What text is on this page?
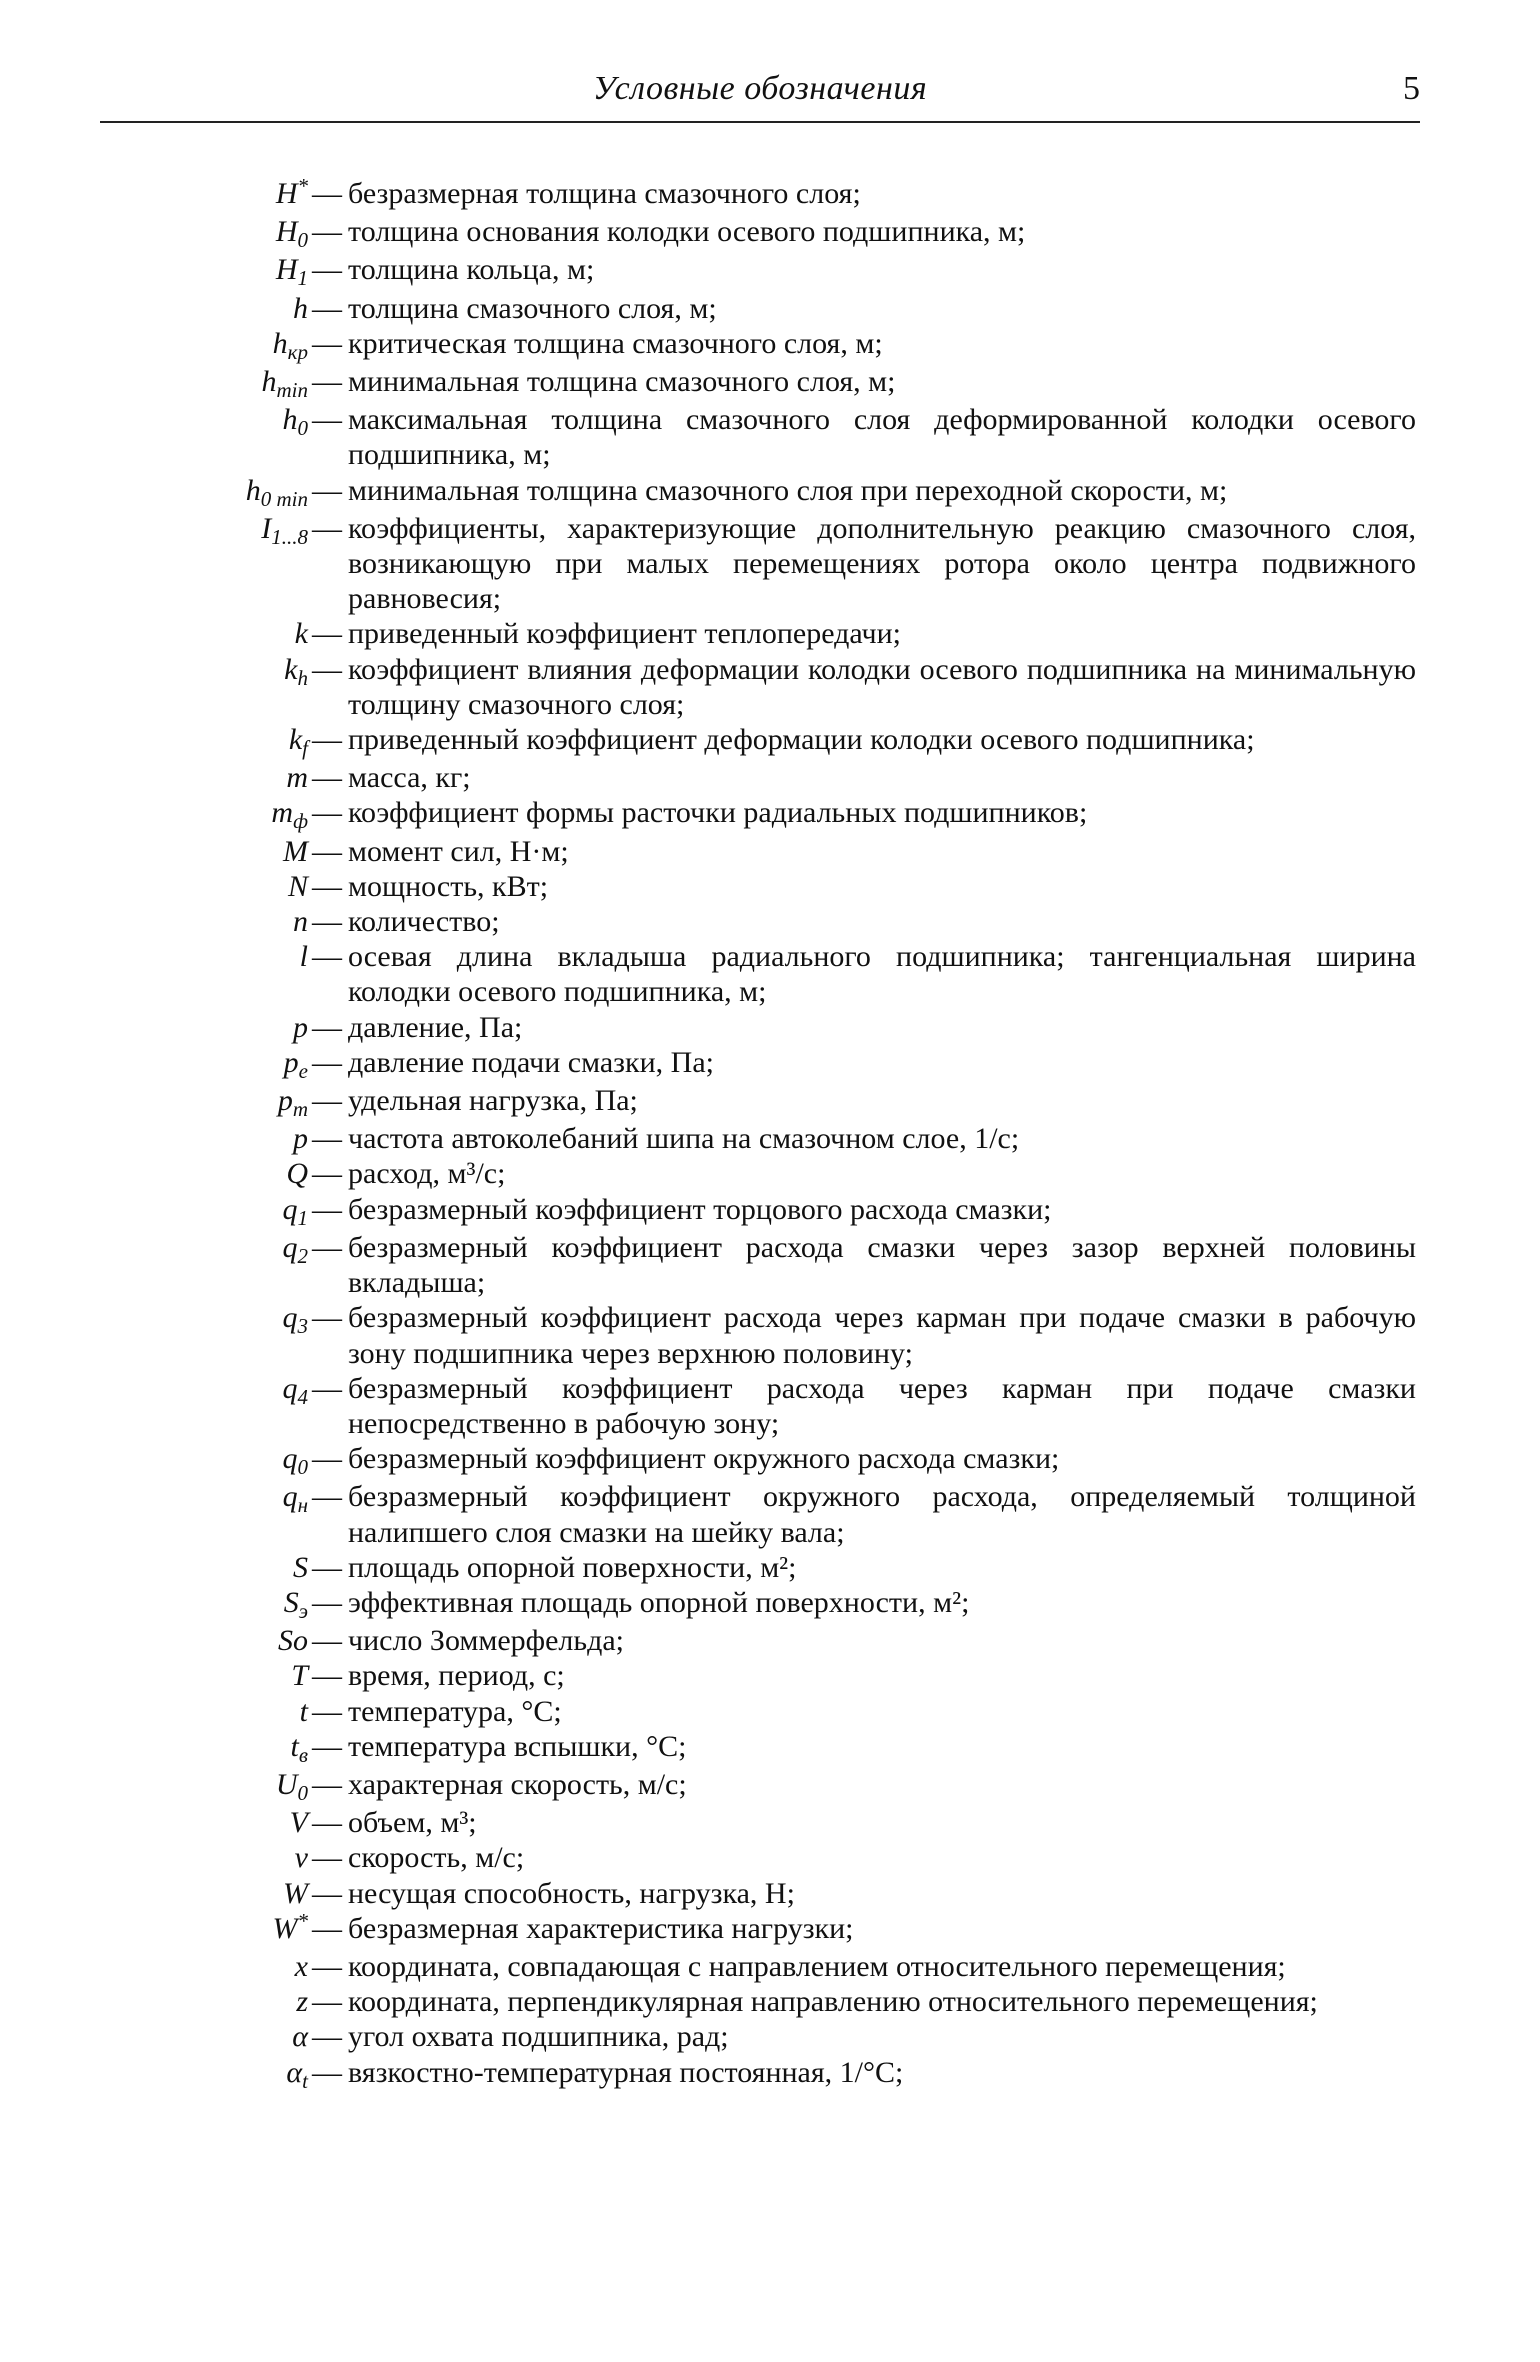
Условные обозначения	5
H* — безразмерная толщина смазочного слоя;
$H_0$ — толщина основания колодки осевого подшипника, м;
$H_1$ — толщина кольца, м;
h — толщина смазочного слоя, м;
$h_{кр}$ — критическая толщина смазочного слоя, м;
$h_{min}$ — минимальная толщина смазочного слоя, м;
$h_0$ — максимальная толщина смазочного слоя деформированной колодки осевого подшипника, м;
$h_{0 min}$ — минимальная толщина смазочного слоя при переходной скорости, м;
$I_{1...8}$ — коэффициенты, характеризующие дополнительную реакцию смазочного слоя, возникающую при малых перемещениях ротора около центра подвижного равновесия;
k — приведенный коэффициент теплопередачи;
$k_h$ — коэффициент влияния деформации колодки осевого подшипника на минимальную толщину смазочного слоя;
$k_f$ — приведенный коэффициент деформации колодки осевого подшипника;
m — масса, кг;
$m_ф$ — коэффициент формы расточки радиальных подшипников;
M — момент сил, Н·м;
N — мощность, кВт;
n — количество;
l — осевая длина вкладыша радиального подшипника; тангенциальная ширина колодки осевого подшипника, м;
p — давление, Па;
$p_e$ — давление подачи смазки, Па;
$p_m$ — удельная нагрузка, Па;
p — частота автоколебаний шипа на смазочном слое, 1/с;
Q — расход, м³/с;
$q_1$ — безразмерный коэффициент торцового расхода смазки;
$q_2$ — безразмерный коэффициент расхода смазки через зазор верхней половины вкладыша;
$q_3$ — безразмерный коэффициент расхода через карман при подаче смазки в рабочую зону подшипника через верхнюю половину;
$q_4$ — безразмерный коэффициент расхода через карман при подаче смазки непосредственно в рабочую зону;
$q_0$ — безразмерный коэффициент окружного расхода смазки;
$q_н$ — безразмерный коэффициент окружного расхода, определяемый толщиной налипшего слоя смазки на шейку вала;
S — площадь опорной поверхности, м²;
$S_э$ — эффективная площадь опорной поверхности, м²;
So — число Зоммерфельда;
T — время, период, с;
t — температура, °С;
$t_в$ — температура вспышки, °С;
$U_0$ — характерная скорость, м/с;
V — объем, м³;
v — скорость, м/с;
W — несущая способность, нагрузка, Н;
W* — безразмерная характеристика нагрузки;
x — координата, совпадающая с направлением относительного перемещения;
z — координата, перпендикулярная направлению относительного перемещения;
α — угол охвата подшипника, рад;
$\alpha_t$ — вязкостно-температурная постоянная, 1/°С;
